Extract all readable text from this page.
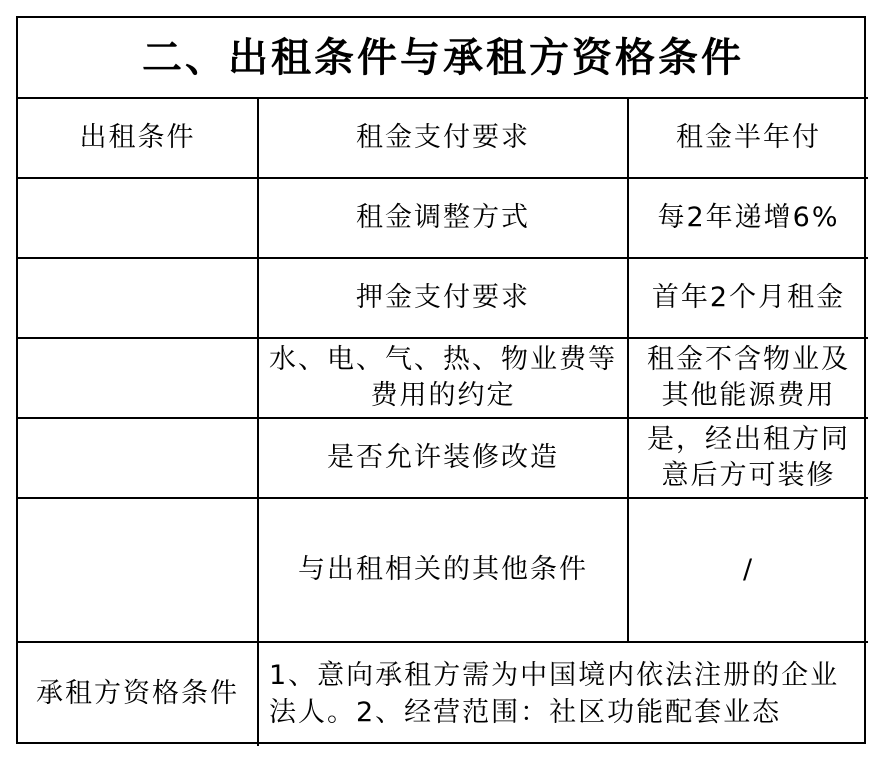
二、出租条件与承租方资格条件		
出租条件	租金支付要求	租金半年付
	租金调整方式	每2年递增6%
	押金支付要求	首年2个月租金
	水、电、气、热、物业费等费用的约定	租金不含物业及其他能源费用
	是否允许装修改造	是，经出租方同意后方可装修
	与出租相关的其他条件	/
承租方资格条件	1、意向承租方需为中国境内依法注册的企业法人。2、经营范围：社区功能配套业态	
